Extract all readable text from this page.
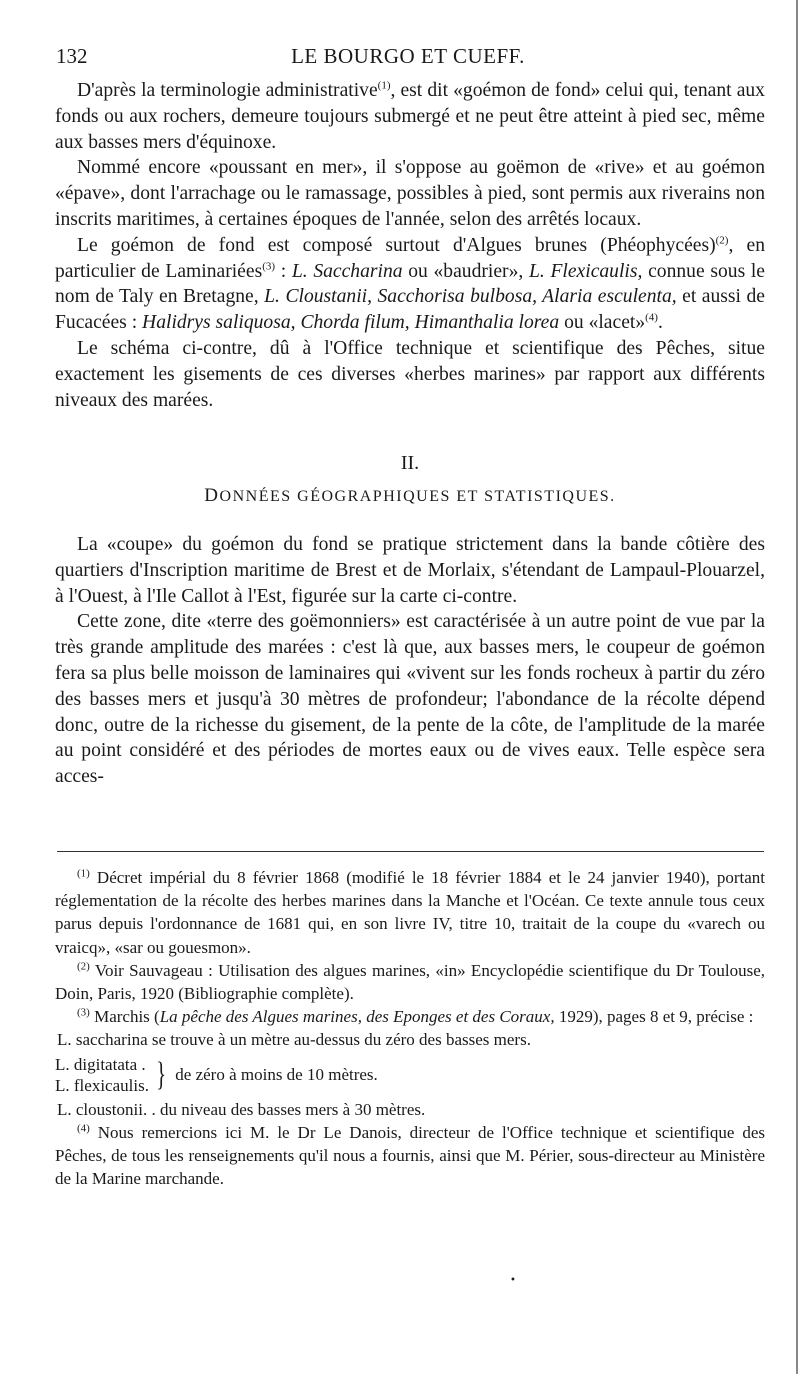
132	LE BOURGO ET CUEFF.

D'après la terminologie administrative$^{(1)}$, est dit «goémon de fond» celui qui, tenant aux fonds ou aux rochers, demeure toujours submergé et ne peut être atteint à pied sec, même aux basses mers d'équinoxe.

Nommé encore «poussant en mer», il s'oppose au goëmon de «rive» et au goémon «épave», dont l'arrachage ou le ramassage, possibles à pied, sont permis aux riverains non inscrits maritimes, à certaines époques de l'année, selon des arrêtés locaux.

Le goémon de fond est composé surtout d'Algues brunes (Phéophycées)$^{(2)}$, en particulier de Laminariées$^{(3)}$ : L. Saccharina ou «baudrier», L. Flexicaulis, connue sous le nom de Taly en Bretagne, L. Cloustanii, Sacchorisa bulbosa, Alaria esculenta, et aussi de Fucacées : Halidrys saliquosa, Chorda filum, Himanthalia lorea ou «lacet»$^{(4)}$.

Le schéma ci-contre, dû à l'Office technique et scientifique des Pêches, situe exactement les gisements de ces diverses «herbes marines» par rapport aux différents niveaux des marées.

II.
DONNÉES GÉOGRAPHIQUES ET STATISTIQUES.

La «coupe» du goémon du fond se pratique strictement dans la bande côtière des quartiers d'Inscription maritime de Brest et de Morlaix, s'étendant de Lampaul-Plouarzel, à l'Ouest, à l'Ile Callot à l'Est, figurée sur la carte ci-contre.

Cette zone, dite «terre des goëmonniers» est caractérisée à un autre point de vue par la très grande amplitude des marées : c'est là que, aux basses mers, le coupeur de goémon fera sa plus belle moisson de laminaires qui «vivent sur les fonds rocheux à partir du zéro des basses mers et jusqu'à 30 mètres de profondeur; l'abondance de la récolte dépend donc, outre de la richesse du gisement, de la pente de la côte, de l'amplitude de la marée au point considéré et des périodes de mortes eaux ou de vives eaux. Telle espèce sera acces-

$^{(1)}$ Décret impérial du 8 février 1868 (modifié le 18 février 1884 et le 24 janvier 1940), portant réglementation de la récolte des herbes marines dans la Manche et l'Océan. Ce texte annule tous ceux parus depuis l'ordonnance de 1681 qui, en son livre IV, titre 10, traitait de la coupe du «varech ou vraicq», «sar ou gouesmon».

$^{(2)}$ Voir Sauvageau : Utilisation des algues marines, «in» Encyclopédie scientifique du Dr Toulouse, Doin, Paris, 1920 (Bibliographie complète).

$^{(3)}$ Marchis (La pêche des Algues marines, des Eponges et des Coraux, 1929), pages 8 et 9, précise :

L. saccharina se trouve à un mètre au-dessus du zéro des basses mers.

L. digitatata .
L. flexicaulis. } de zéro à moins de 10 mètres.

L. cloustonii. . du niveau des basses mers à 30 mètres.

$^{(4)}$ Nous remercions ici M. le Dr Le Danois, directeur de l'Office technique et scientifique des Pêches, de tous les renseignements qu'il nous a fournis, ainsi que M. Périer, sous-directeur au Ministère de la Marine marchande.

•
